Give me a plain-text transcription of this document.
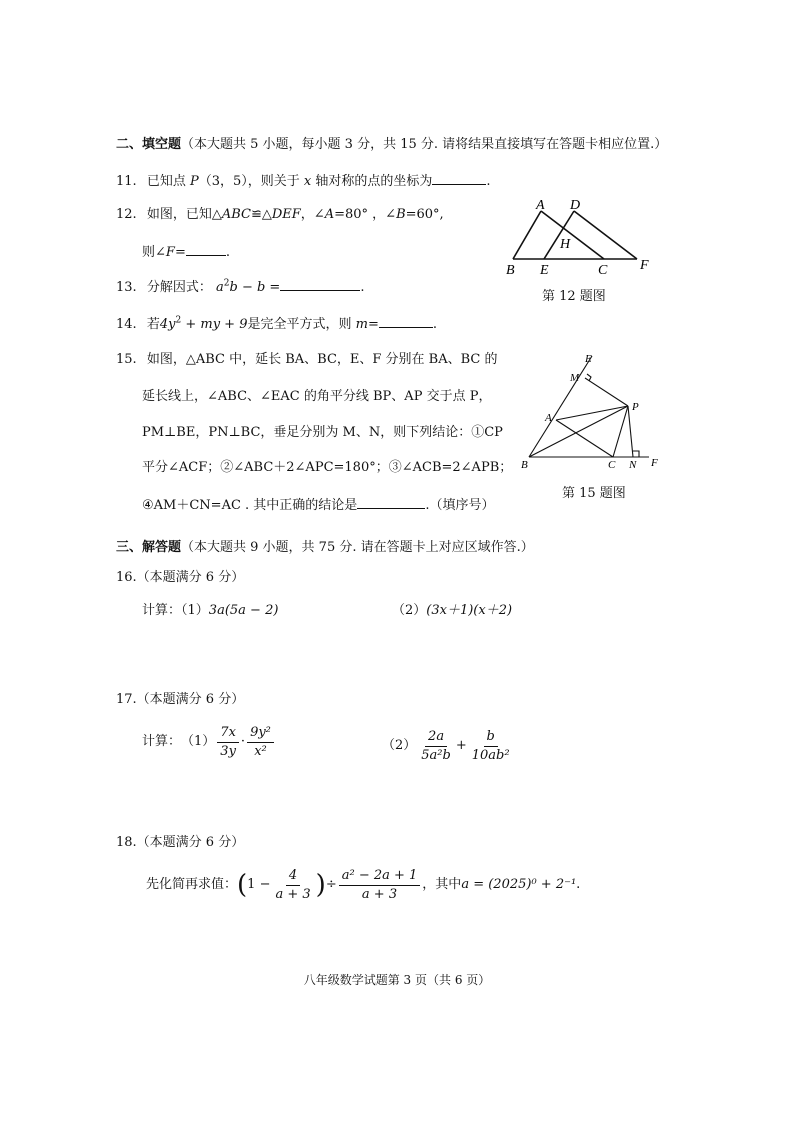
二、填空题（本大题共 5 小题，每小题 3 分，共 15 分. 请将结果直接填写在答题卡相应位置.）
11. 已知点 P（3，5），则关于 x 轴对称的点的坐标为	.
12. 如图，已知△ABC≌△DEF，∠A=80° ，∠B=60°,
则∠F=	.
A D
H
B E	C F
第 12 题图
13. 分解因式： $a^2b - b$ =	.
14. 若$4y^2$ + my + 9是完全平方式，则 m=	.
15. 如图，△ABC 中，延长 BA、BC，E、F 分别在 BA、BC 的
延长线上，∠ABC、∠EAC 的角平分线 BP、AP 交于点 P，
PM⊥BE，PN⊥BC，垂足分别为 M、N，则下列结论：①CP
平分∠ACF；②∠ABC＋2∠APC=180°；③∠ACB=2∠APB；
④AM＋CN=AC . 其中正确的结论是	.（填序号）
E
M
A
P
B	C N F
第 15 题图
三、解答题（本大题共 9 小题，共 75 分. 请在答题卡上对应区域作答.）
16.（本题满分 6 分）
计算：（1）3a(5a − 2)	（2）(3x＋1)(x＋2)
17.（本题满分 6 分）
计算： $(1) \frac{7x}{3y} \cdot \frac{\text{9y²}}{\text{x²}}$	$(2) \frac{2a}{\text{5a²b}} + \frac{b}{\text{10ab²}}$
18.（本题满分 6 分）
先化简再求值： ( $1 - \frac{4}{a + 3}$ ) ÷ $\frac{\text{a² − 2a + 1}}{a + 3}$ ，其中 a = (2025)⁰ + 2⁻¹ .
八年级数学试题第 3 页（共 6 页）
